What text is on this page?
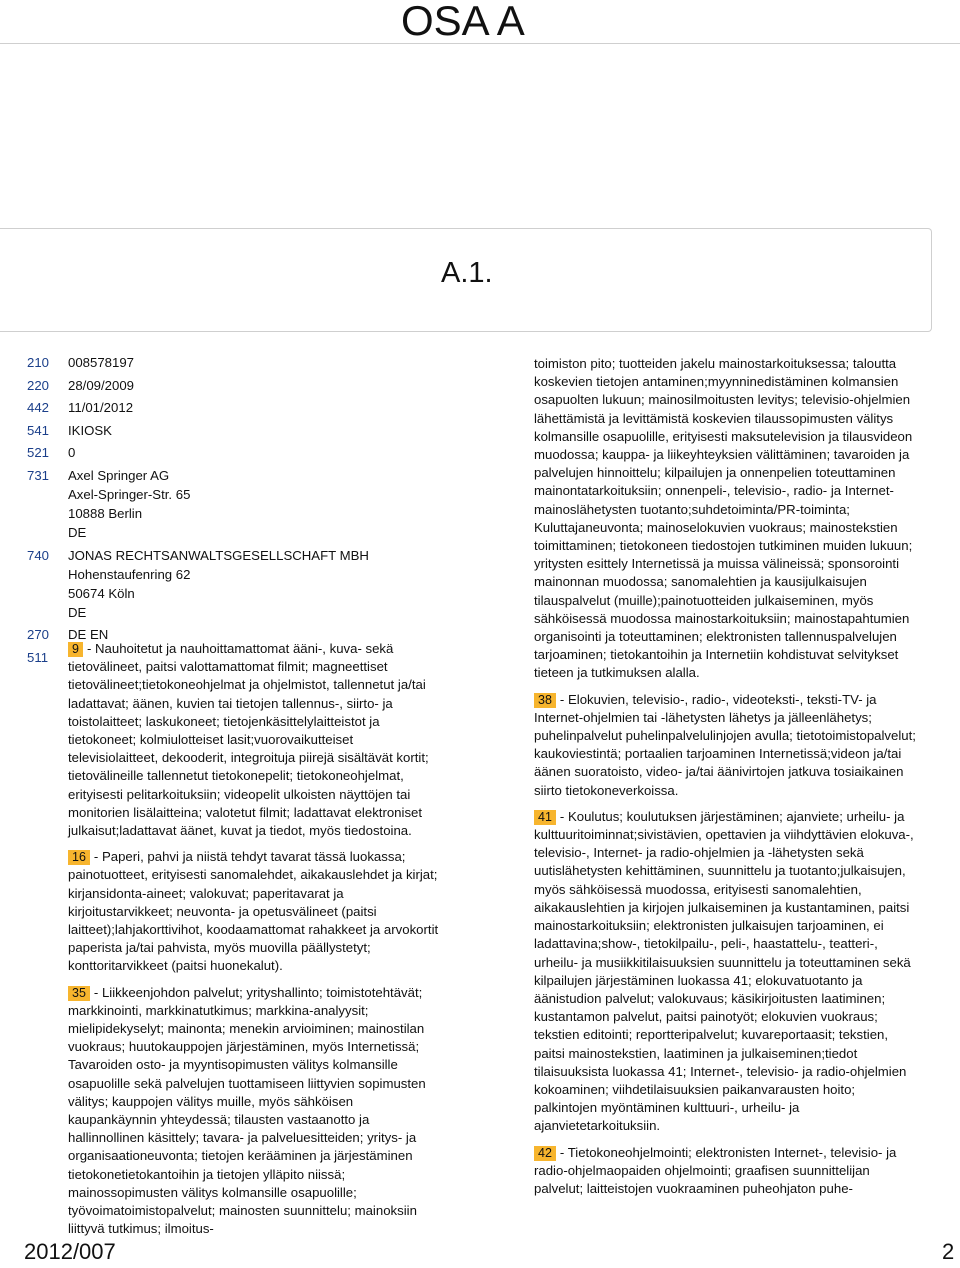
OSA A
A.1.
210	008578197
220	28/09/2009
442	11/01/2012
541	IKIOSK
521	0
731	Axel Springer AG
Axel-Springer-Str. 65
10888 Berlin
DE
740	JONAS RECHTSANWALTSGESELLSCHAFT MBH
Hohenstaufenring 62
50674 Köln
DE
270	DE EN
511

9 - Nauhoitetut ja nauhoittamattomat ääni-, kuva- sekä tietovälineet, paitsi valottamattomat filmit; magneettiset tietovälineet;tietokoneohjelmat ja ohjelmistot, tallennetut ja/tai ladattavat; äänen, kuvien tai tietojen tallennus-, siirto- ja toistolaitteet; laskukoneet; tietojenkäsittelylaitteistot ja tietokoneet; kolmiulotteiset lasit;vuorovaikutteiset televisiolaitteet, dekooderit, integroituja piirejä sisältävät kortit; tietovälineille tallennetut tietokonepelit; tietokoneohjelmat, erityisesti pelitarkoituksiin; videopelit ulkoisten näyttöjen tai monitorien lisälaitteina; valotetut filmit; ladattavat elektroniset julkaisut;ladattavat äänet, kuvat ja tiedot, myös tiedostoina.
16 - Paperi, pahvi ja niistä tehdyt tavarat tässä luokassa; painotuotteet, erityisesti sanomalehdet, aikakauslehdet ja kirjat; kirjansidonta-aineet; valokuvat; paperitavarat ja kirjoitustarvikkeet; neuvonta- ja opetusvälineet (paitsi laitteet);lahjakorttivihot, koodaamattomat rahakkeet ja arvokortit paperista ja/tai pahvista, myös muovilla päällystetyt; konttoritarvikkeet (paitsi huonekalut).
35 - Liikkeenjohdon palvelut; yrityshallinto; toimistotehtävät; markkinointi, markkinatutkimus; markkina-analyysit; mielipidekyselyt; mainonta; menekin arvioiminen; mainostilan vuokraus; huutokauppojen järjestäminen, myös Internetissä; Tavaroiden osto- ja myyntisopimusten välitys kolmansille osapuolille sekä palvelujen tuottamiseen liittyvien sopimusten välitys; kauppojen välitys muille, myös sähköisen kaupankäynnin yhteydessä; tilausten vastaanotto ja hallinnollinen käsittely; tavara- ja palveluesitteiden; yritys- ja organisaationeuvonta; tietojen kerääminen ja järjestäminen tietokonetietokantoihin ja tietojen ylläpito niissä; mainossopimusten välitys kolmansille osapuolille; työvoimatoimistopalvelut; mainosten suunnittelu; mainoksiin liittyvä tutkimus; ilmoitus-
toimiston pito; tuotteiden jakelu mainostarkoituksessa; taloutta koskevien tietojen antaminen;myynninedistäminen kolmansien osapuolten lukuun; mainosilmoitusten levitys; televisio-ohjelmien lähettämistä ja levittämistä koskevien tilaussopimusten välitys kolmansille osapuolille, erityisesti maksutelevision ja tilausvideon muodossa; kauppa- ja liikeyhteyksien välittäminen; tavaroiden ja palvelujen hinnoittelu; kilpailujen ja onnenpelien toteuttaminen mainontatarkoituksiin; onnenpeli-, televisio-, radio- ja Internet-mainoslähetysten tuotanto;suhdetoiminta/PR-toiminta; Kuluttajaneuvonta; mainoselokuvien vuokraus; mainostekstien toimittaminen; tietokoneen tiedostojen tutkiminen muiden lukuun; yritysten esittely Internetissä ja muissa välineissä; sponsorointi mainonnan muodossa; sanomalehtien ja kausijulkaisujen tilauspalvelut (muille);painotuotteiden julkaiseminen, myös sähköisessä muodossa mainostarkoituksiin; mainostapahtumien organisointi ja toteuttaminen; elektronisten tallennuspalvelujen tarjoaminen; tietokantoihin ja Internetiin kohdistuvat selvitykset tieteen ja tutkimuksen alalla.
38 - Elokuvien, televisio-, radio-, videoteksti-, teksti-TV- ja Internet-ohjelmien tai -lähetysten lähetys ja jälleenlähetys; puhelinpalvelut puhelinpalvelulinjojen avulla; tietotoimistopalvelut; kaukoviestintä; portaalien tarjoaminen Internetissä;videon ja/tai äänen suoratoisto, video- ja/tai äänivirtojen jatkuva tosiaikainen siirto tietokoneverkoissa.
41 - Koulutus; koulutuksen järjestäminen; ajanviete; urheilu- ja kulttuuritoiminnat;sivistävien, opettavien ja viihdyttävien elokuva-, televisio-, Internet- ja radio-ohjelmien ja -lähetysten sekä uutislähetysten kehittäminen, suunnittelu ja tuotanto;julkaisujen, myös sähköisessä muodossa, erityisesti sanomalehtien, aikakauslehtien ja kirjojen julkaiseminen ja kustantaminen, paitsi mainostarkoituksiin; elektronisten julkaisujen tarjoaminen, ei ladattavina;show-, tietokilpailu-, peli-, haastattelu-, teatteri-, urheilu- ja musiikkitilaisuuksien suunnittelu ja toteuttaminen sekä kilpailujen järjestäminen luokassa 41; elokuvatuotanto ja äänistudion palvelut; valokuvaus; käsikirjoitusten laatiminen; kustantamon palvelut, paitsi painotyöt; elokuvien vuokraus; tekstien editointi; reportteripalvelut; kuvareportaasit; tekstien, paitsi mainostekstien, laatiminen ja julkaiseminen;tiedot tilaisuuksista luokassa 41; Internet-, televisio- ja radio-ohjelmien kokoaminen; viihdetilaisuuksien paikanvarausten hoito; palkintojen myöntäminen kulttuuri-, urheilu- ja ajanvietetarkoituksiin.
42 - Tietokoneohjelmointi; elektronisten Internet-, televisio- ja radio-ohjelmaopaiden ohjelmointi; graafisen suunnittelijan palvelut; laitteistojen vuokraaminen puheohjaton puhe-
2012/007	2
